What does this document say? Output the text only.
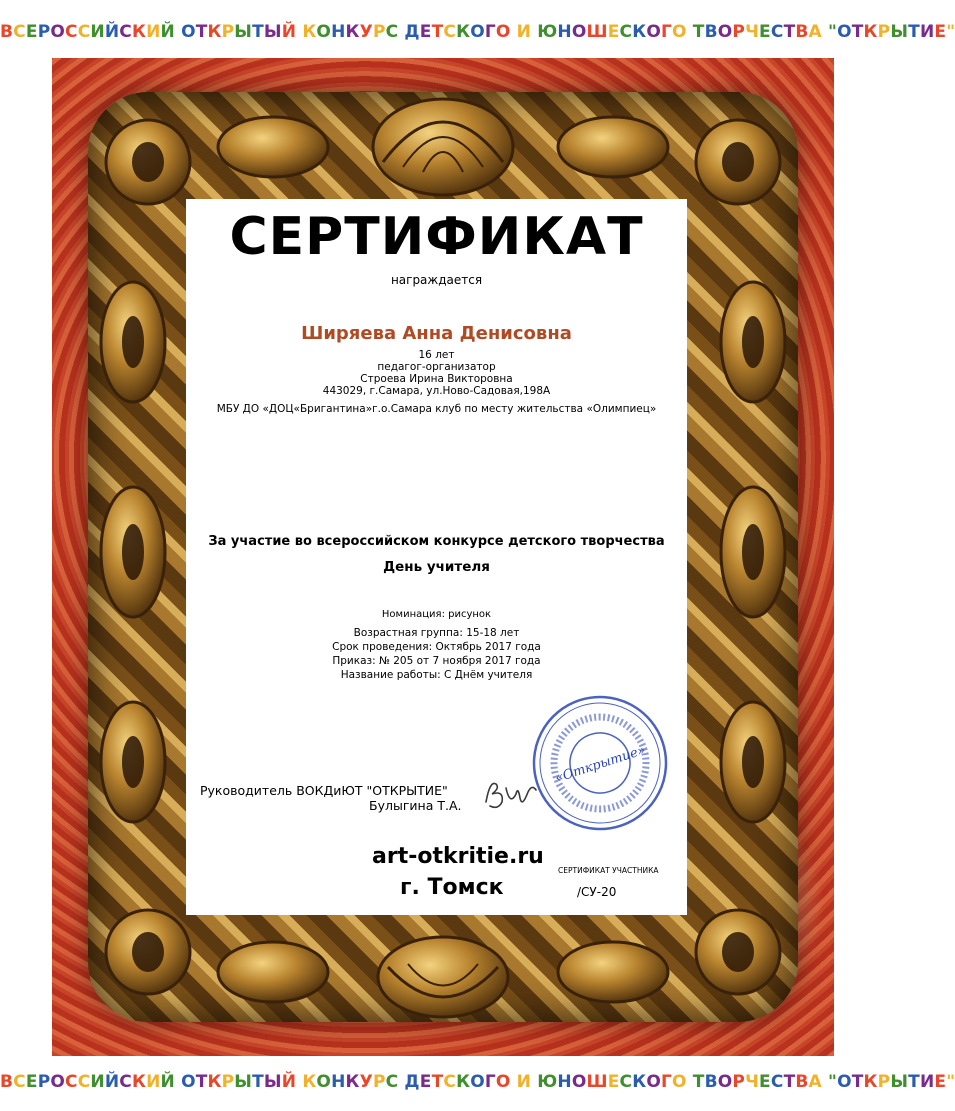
ВСЕРОССИЙСКИЙ ОТКРЫТЫЙ КОНКУРС ДЕТСКОГО И ЮНОШЕСКОГО ТВОРЧЕСТВА "ОТКРЫТИЕ"
СЕРТИФИКАТ
награждается
Ширяева Анна Денисовна
16 лет
педагог-организатор
Строева Ирина Викторовна
443029, г.Самара, ул.Ново-Садовая,198А
МБУ ДО «ДОЦ«Бригантина»г.о.Самара клуб по месту жительства «Олимпиец»
За участие во всероссийском конкурсе детского творчества
День учителя
Номинация: рисунок
Возрастная группа: 15-18 лет
Срок проведения: Октябрь 2017 года
Приказ: № 205 от 7 ноября 2017 года
Название работы: С Днём учителя
«Открытие»
Руководитель ВОКДиЮТ "ОТКРЫТИЕ"
Булыгина Т.А.
art-otkritie.ru
г. Томск
СЕРТИФИКАТ УЧАСТНИКА
/СУ-20
ВСЕРОССИЙСКИЙ ОТКРЫТЫЙ КОНКУРС ДЕТСКОГО И ЮНОШЕСКОГО ТВОРЧЕСТВА "ОТКРЫТИЕ"
